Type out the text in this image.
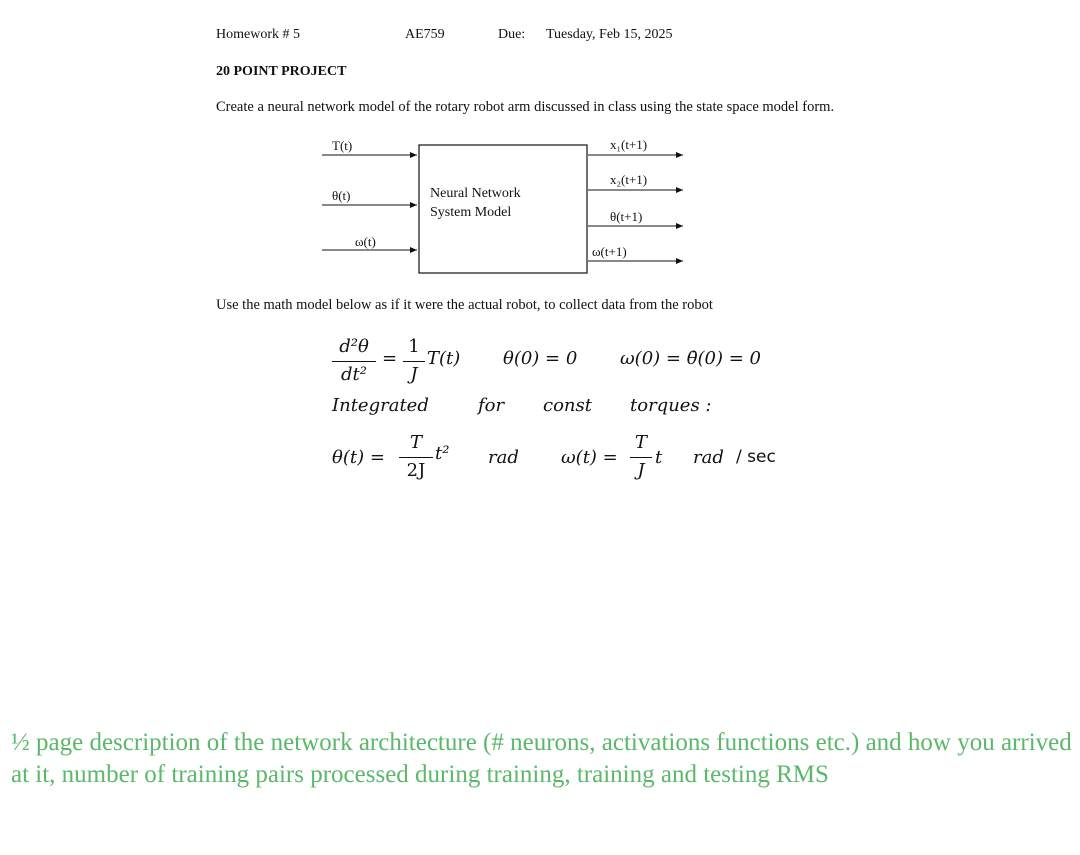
Homework # 5	AE759	Due: Tuesday, Feb 15, 2025
20 POINT PROJECT
Create a neural network model of the rotary robot arm discussed in class using the state space model form.
T(t)
θ(t)
ω(t)
Neural Network
System Model
x₁(t+1)
x₂(t+1)
θ(t+1)
ω(t+1)
Use the math model below as if it were the actual robot, to collect data from the robot
d²θ
dt²
=
1
J
T(t) θ(0) = 0 ω(0) = θ̇(0) = 0
Integrated	for const torques :
θ(t) =
T
2J
t² rad ω(t) =
T
J
t rad / sec
½ page description of the network architecture (# neurons, activations functions etc.) and how you arrived at it, number of training pairs processed during training, training and testing RMS
